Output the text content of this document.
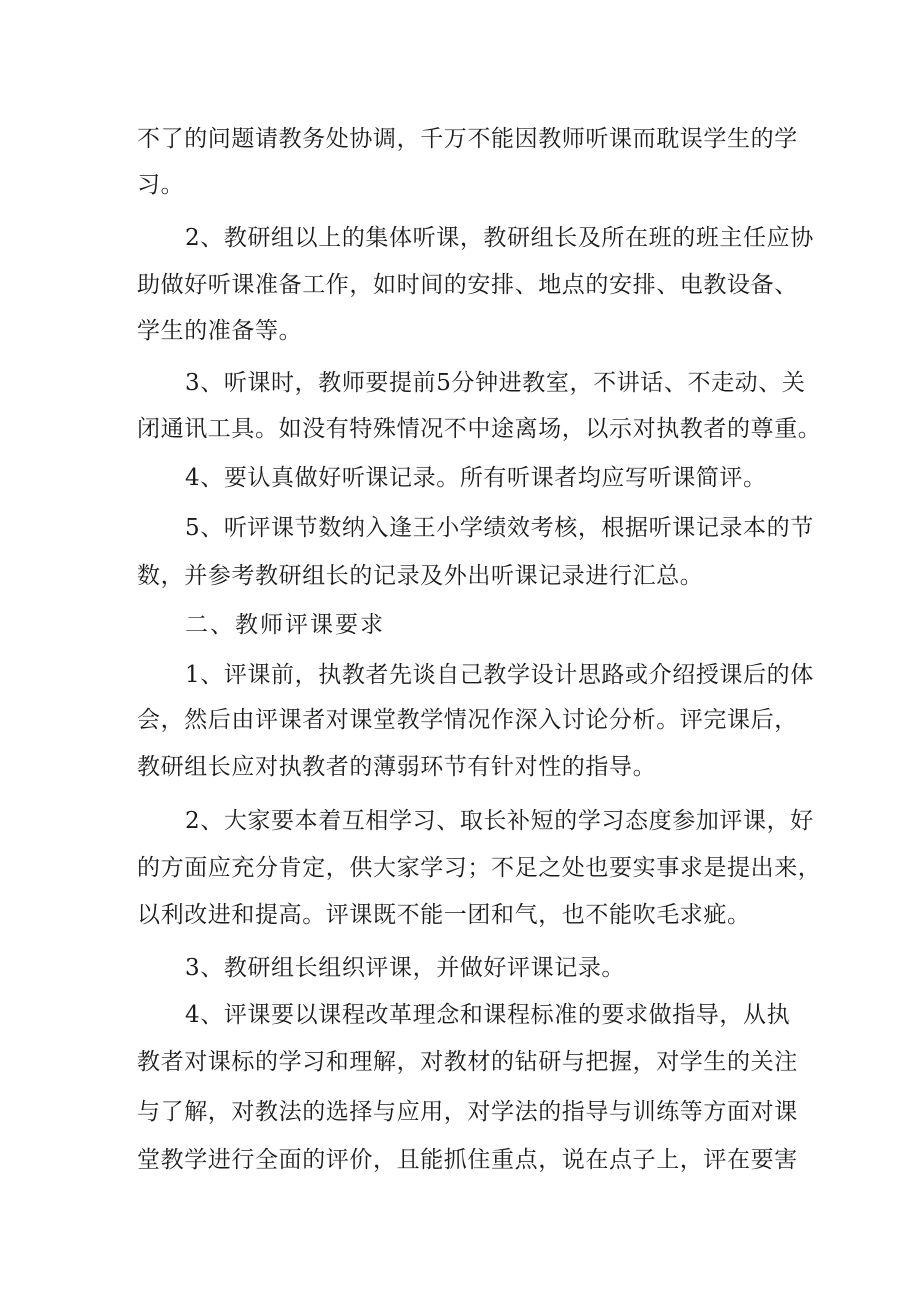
不了的问题请教务处协调，千万不能因教师听课而耽误学生的学
习。
2、教研组以上的集体听课，教研组长及所在班的班主任应协
助做好听课准备工作，如时间的安排、地点的安排、电教设备、
学生的准备等。
3、听课时，教师要提前5分钟进教室，不讲话、不走动、关
闭通讯工具。如没有特殊情况不中途离场，以示对执教者的尊重。
4、要认真做好听课记录。所有听课者均应写听课简评。
5、听评课节数纳入逢王小学绩效考核，根据听课记录本的节
数，并参考教研组长的记录及外出听课记录进行汇总。
二、教师评课要求
1、评课前，执教者先谈自己教学设计思路或介绍授课后的体
会，然后由评课者对课堂教学情况作深入讨论分析。评完课后，
教研组长应对执教者的薄弱环节有针对性的指导。
2、大家要本着互相学习、取长补短的学习态度参加评课，好
的方面应充分肯定，供大家学习；不足之处也要实事求是提出来，
以利改进和提高。评课既不能一团和气，也不能吹毛求疵。
3、教研组长组织评课，并做好评课记录。
4、评课要以课程改革理念和课程标准的要求做指导，从执
教者对课标的学习和理解，对教材的钻研与把握，对学生的关注
与了解，对教法的选择与应用，对学法的指导与训练等方面对课
堂教学进行全面的评价，且能抓住重点，说在点子上，评在要害
